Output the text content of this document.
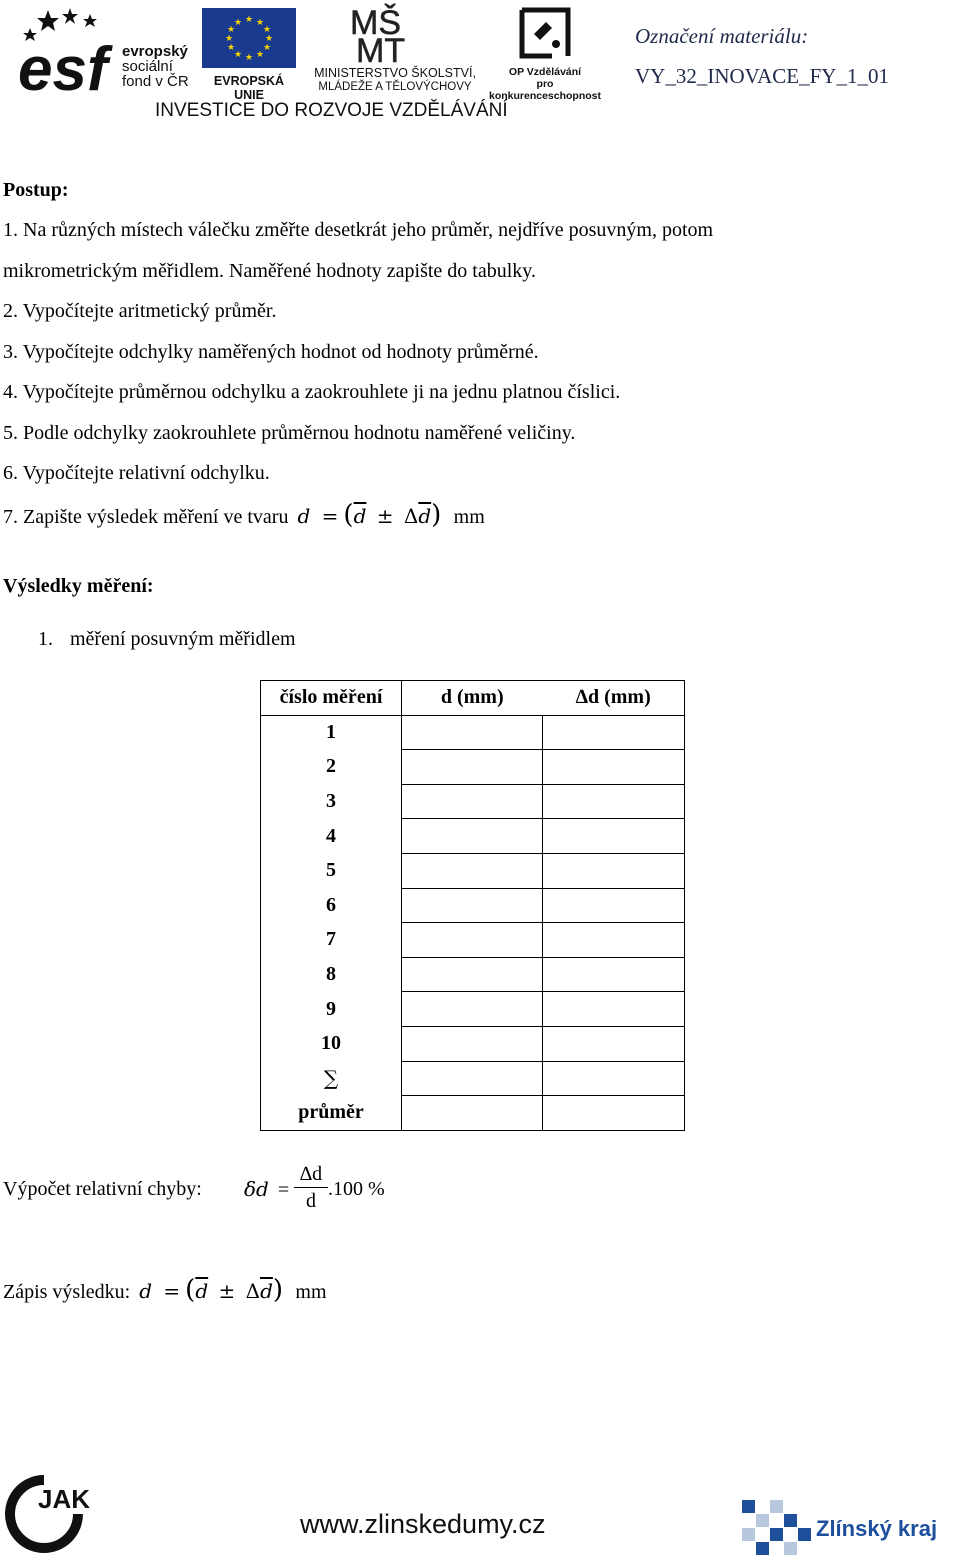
esf evropský
sociální
fond v ČR
★ ★
★
★
★
★
★
★
★
★
★
★
EVROPSKÁ UNIE
MŠ
MT
MINISTERSTVO ŠKOLSTVÍ,
MLÁDEŽE A TĚLOVÝCHOVY
OP Vzdělávání
pro konkurenceschopnost
INVESTICE DO ROZVOJE VZDĚLÁVÁNÍ
Označení materiálu:
VY_32_INOVACE_FY_1_01
Postup:
1. Na různých místech válečku změřte desetkrát jeho průměr, nejdříve posuvným, potom
mikrometrickým měřidlem. Naměřené hodnoty zapište do tabulky.
2. Vypočítejte aritmetický průměr.
3. Vypočítejte odchylky naměřených hodnot od hodnoty průměrné.
4. Vypočítejte průměrnou odchylku a zaokrouhlete ji na jednu platnou číslici.
5. Podle odchylky zaokrouhlete průměrnou hodnotu naměřené veličiny.
6. Vypočítejte relativní odchylku.
7. Zapište výsledek měření ve tvaru $d = (\overline{d} \pm \Delta\overline{d})$ mm
Výsledky měření:
1. měření posuvným měřidlem
číslo měření	d (mm)	∆d (mm)
1		
2		
3		
4		
5		
6		
7		
8		
9		
10		
∑		
průměr		
Výpočet relativní chyby: δd =
∆d
d
.100 %
Zápis výsledku: $d = (\overline{d} \pm \Delta\overline{d})$ mm
JAK
www.zlinskedumy.cz	Zlínský kraj
